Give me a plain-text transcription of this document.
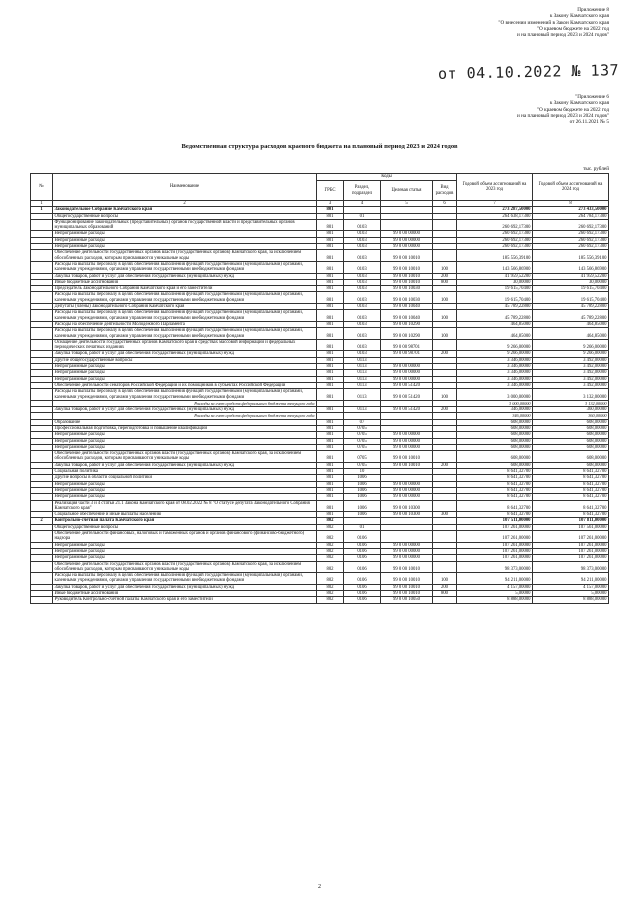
Приложение 8
к Закону Камчатского края
"О внесении изменений в Закон Камчатского края
"О краевом бюджете на 2022 год
и на плановый период 2023 и 2024 годов"
от 04.10.2022 № 137
"Приложение 6
к Закону Камчатского края
"О краевом бюджете на 2022 год
и на плановый период 2023 и 2024 годов"
от 26.11.2021 № 5
Ведомственная структура расходов краевого бюджета на плановый период 2023 и 2024 годов
тыс. рублей
№	Наименование	Коды				Годовой объем ассигнований на 2023 год	Годовой объем ассигнований на 2024 год
		ГРБС	Раздел, подраздел	Целевая статья	Вид расходов		
1	2	3	4	5	6	7	8
1	Законодательное Собрание Камчатского края	801				273 287,50000	273 433,50000
	Общегосударственные вопросы	801	01			264 638,17300	264 784,17300
	Функционирование законодательных (представительных) органов государственной власти и представительных органов муниципальных образований	801	0103			260 692,17300	260 692,17300
	Непрограммные расходы	801	0103	99 0 00 00000		260 692,17300	260 692,17300
	Непрограммные расходы	801	0103	99 0 00 00000		260 692,17300	260 692,17300
	Непрограммные расходы	801	0103	99 0 00 00000		260 692,17300	260 692,17300
	Обеспечение деятельности государственных органов власти (государственных органов) Камчатского края, за исключением обособленных расходов, которым присваиваются уникальные коды	801	0103	99 0 00 10010		185 556,39100	185 556,39100
	Расходы на выплаты персоналу в целях обеспечения выполнения функций государственными (муниципальными) органами, казенными учреждениями, органами управления государственными внебюджетными фондами	801	0103	99 0 00 10010	100	143 566,86900	143 566,86900
	Закупка товаров, работ и услуг для обеспечения государственных (муниципальных) нужд	801	0103	99 0 00 10010	200	41 959,52200	41 959,52200
	Иные бюджетные ассигнования	801	0103	99 0 00 10010	800	30,00000	30,00000
	Председатель Законодательного Собрания Камчатского края и его заместители	801	0103	99 0 00 10030		19 615,70400	19 615,70400
	Расходы на выплаты персоналу в целях обеспечения выполнения функций государственными (муниципальными) органами, казенными учреждениями, органами управления государственными внебюджетными фондами	801	0103	99 0 00 10030	100	19 615,70400	19 615,70400
	Депутаты (члены) Законодательного Собрания Камчатского края	801	0103	99 0 00 10040		45 789,22800	45 789,22800
	Расходы на выплаты персоналу в целях обеспечения выполнения функций государственными (муниципальными) органами, казенными учреждениями, органами управления государственными внебюджетными фондами	801	0103	99 0 00 10040	100	45 789,22800	45 789,22800
	Расходы на обеспечение деятельности Молодежного Парламента	801	0103	99 0 00 10290		464,85000	464,85000
	Расходы на выплаты персоналу в целях обеспечения выполнения функций государственными (муниципальными) органами, казенными учреждениями, органами управления государственными внебюджетными фондами	801	0103	99 0 00 10290	100	464,85000	464,85000
	Оснащение деятельности государственных органов Камчатского края в средствах массовой информации и федеральных периодических печатных изданиях	801	0103	99 0 00 98701		9 266,00000	9 266,00000
	Закупка товаров, работ и услуг для обеспечения государственных (муниципальных) нужд	801	0103	99 0 00 98701	200	9 266,00000	9 266,00000
	Другие общегосударственные вопросы	801	0113			3 346,00000	3 492,00000
	Непрограммные расходы	801	0113	99 0 00 00000		3 346,00000	3 492,00000
	Непрограммные расходы	801	0113	99 0 00 00000		3 346,00000	3 492,00000
	Непрограммные расходы	801	0113	99 0 00 00000		3 346,00000	3 492,00000
	Обеспечение деятельности сенаторов Российской Федерации и их помощников в субъектах Российской Федерации	801	0113	99 0 00 51420		3 346,00000	3 492,00000
	Расходы на выплаты персоналу в целях обеспечения выполнения функций государственными (муниципальными) органами, казенными учреждениями, органами управления государственными внебюджетными фондами	801	0113	99 0 00 51420	100	3 000,00000	3 132,00000
	Расходы за счет средств федерального бюджета текущего года					3 000,00000	3 132,00000
	Закупка товаров, работ и услуг для обеспечения государственных (муниципальных) нужд	801	0113	99 0 00 51420	200	346,00000	360,00000
	Расходы за счет средств федерального бюджета текущего года					346,00000	360,00000
	Образование	801	07			608,00000	608,00000
	Профессиональная подготовка, переподготовка и повышение квалификации	801	0705			608,00000	608,00000
	Непрограммные расходы	801	0705	99 0 00 00000		608,00000	608,00000
	Непрограммные расходы	801	0705	99 0 00 00000		608,00000	608,00000
	Непрограммные расходы	801	0705	99 0 00 00000		608,00000	608,00000
	Обеспечение деятельности государственных органов власти (государственных органов) Камчатского края, за исключением обособленных расходов, которым присваиваются уникальные коды	801	0705	99 0 00 10010		608,00000	608,00000
	Закупка товаров, работ и услуг для обеспечения государственных (муниципальных) нужд	801	0705	99 0 00 10010	200	608,00000	608,00000
	Социальная политика	801	10			8 641,32700	8 641,32700
	Другие вопросы в области социальной политики	801	1006			8 641,32700	8 641,32700
	Непрограммные расходы	801	1006	99 0 00 00000		8 641,32700	8 641,32700
	Непрограммные расходы	801	1006	99 0 00 00000		8 641,32700	8 641,32700
	Непрограммные расходы	801	1006	99 0 00 00000		8 641,32700	8 641,32700
	Реализация части 3 и 4 статьи 21.1 Закона Камчатского края от 08.02.2022 № 8 "О статусе депутата Законодательного Собрания Камчатского края"	801	1006	99 0 00 10300		8 641,32700	8 641,32700
	Социальное обеспечение и иные выплаты населению	801	1006	99 0 00 10300	300	8 641,32700	8 641,32700
2	Контрольно-счетная палата Камчатского края	802				107 511,00000	107 811,00000
	Общегосударственные вопросы	802	01			107 261,00000	107 561,00000
	Обеспечение деятельности финансовых, налоговых и таможенных органов и органов финансового (финансово-бюджетного) надзора	802	0106			107 261,00000	107 261,00000
	Непрограммные расходы	802	0106	99 0 00 00000		107 261,00000	107 261,00000
	Непрограммные расходы	802	0106	99 0 00 00000		107 261,00000	107 261,00000
	Непрограммные расходы	802	0106	99 0 00 00000		107 261,00000	107 261,00000
	Обеспечение деятельности государственных органов власти (государственных органов) Камчатского края, за исключением обособленных расходов, которым присваиваются уникальные коды	802	0106	99 0 00 10010		98 373,00000	98 373,00000
	Расходы на выплаты персоналу в целях обеспечения выполнения функций государственными (муниципальными) органами, казенными учреждениями, органами управления государственными внебюджетными фондами	802	0106	99 0 00 10010	100	94 211,00000	94 211,00000
	Закупка товаров, работ и услуг для обеспечения государственных (муниципальных) нужд	802	0106	99 0 00 10010	200	4 157,00000	4 157,00000
	Иные бюджетные ассигнования	802	0106	99 0 00 10010	800	5,00000	5,00000
	Руководитель Контрольно-счетной палаты Камчатского края и его заместители	802	0106	99 0 00 10050		8 888,00000	8 888,00000
2
